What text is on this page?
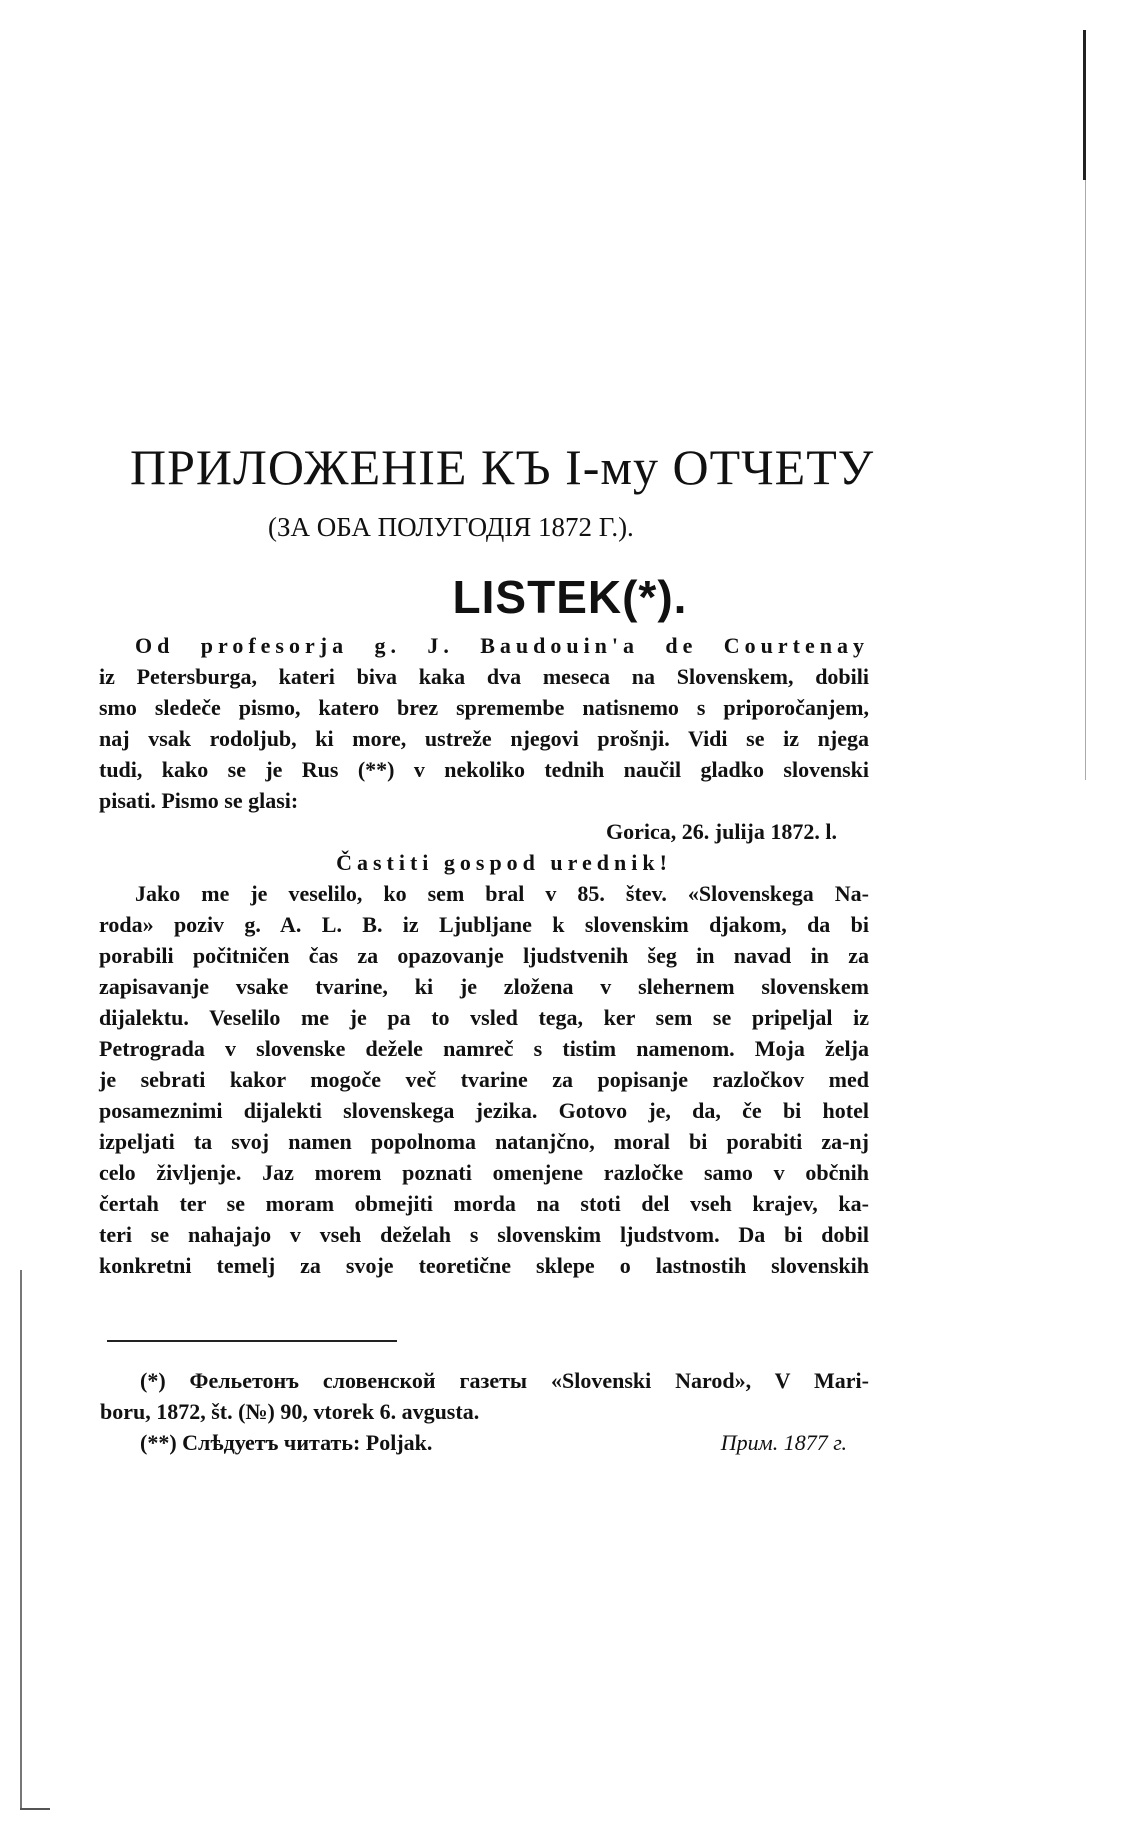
ПРИЛОЖЕНІЕ КЪ І-му ОТЧЕТУ
(ЗА ОБА ПОЛУГОДІЯ 1872 Г.).
LISTEK(*).
Od profesorja g. J. Baudouin'a de Courtenay
iz Petersburga, kateri biva kaka dva meseca na Slovenskem, dobili
smo sledeče pismo, katero brez spremembe natisnemo s priporočanjem,
naj vsak rodoljub, ki more, ustreže njegovi prošnji. Vidi se iz njega
tudi, kako se je Rus (**) v nekoliko tednih naučil gladko slovenski
pisati. Pismo se glasi:
Gorica, 26. julija 1872. l.
Častiti gospod urednik!
Jako me je veselilo, ko sem bral v 85. štev. «Slovenskega Na-
roda» poziv g. A. L. B. iz Ljubljane k slovenskim djakom, da bi
porabili počitničen čas za opazovanje ljudstvenih šeg in navad in za
zapisavanje vsake tvarine, ki je zložena v slehernem slovenskem
dijalektu. Veselilo me je pa to vsled tega, ker sem se pripeljal iz
Petrograda v slovenske dežele namreč s tistim namenom. Moja želja
je sebrati kakor mogoče več tvarine za popisanje razločkov med
posameznimi dijalekti slovenskega jezika. Gotovo je, da, če bi hotel
izpeljati ta svoj namen popolnoma natanjčno, moral bi porabiti za-nj
celo življenje. Jaz morem poznati omenjene razločke samo v občnih
čertah ter se moram obmejiti morda na stoti del vseh krajev, ka-
teri se nahajajo v vseh deželah s slovenskim ljudstvom. Da bi dobil
konkretni temelj za svoje teoretične sklepe o lastnostih slovenskih
(*) Фельетонъ словенской газеты «Slovenski Narod», V Mari-
boru, 1872, št. (№) 90, vtorek 6. avgusta.
(**) Слѣдуетъ читать: Poljak.	Прим. 1877 г.
